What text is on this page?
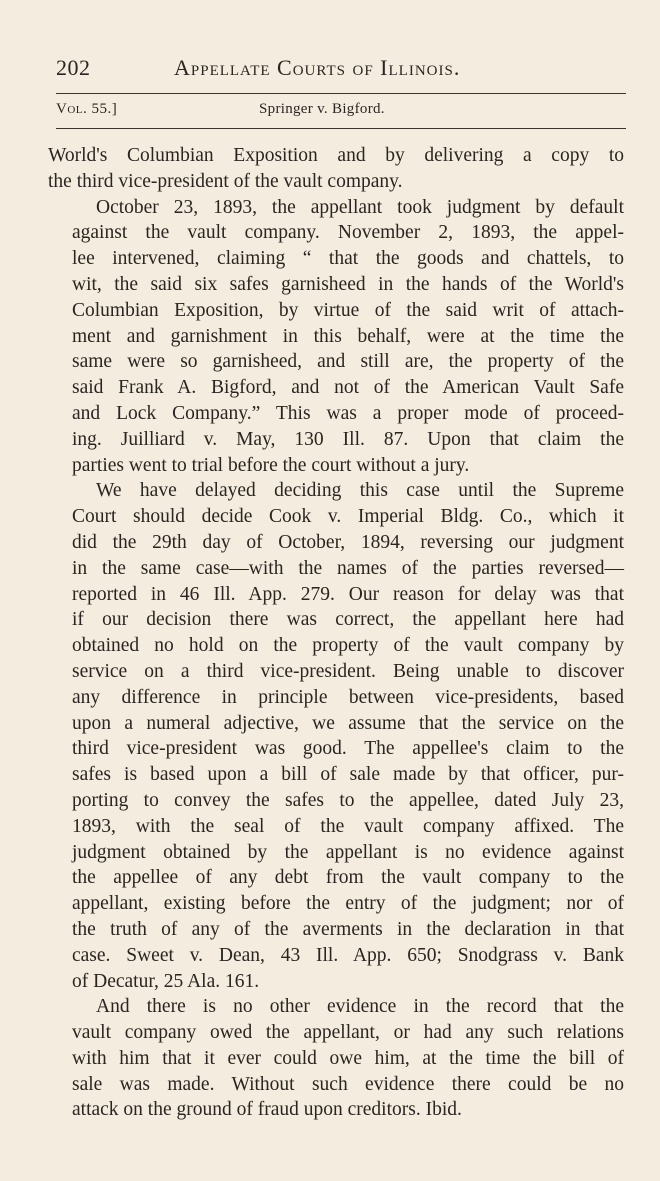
202	Appellate Courts of Illinois.
Vol. 55.]	Springer v. Bigford.

World's Columbian Exposition and by delivering a copy to
the third vice-president of the vault company.

October 23, 1893, the appellant took judgment by default
against the vault company. November 2, 1893, the appel-
lee intervened, claiming “ that the goods and chattels, to
wit, the said six safes garnisheed in the hands of the World's
Columbian Exposition, by virtue of the said writ of attach-
ment and garnishment in this behalf, were at the time the
same were so garnisheed, and still are, the property of the
said Frank A. Bigford, and not of the American Vault Safe
and Lock Company.” This was a proper mode of proceed-
ing. Juilliard v. May, 130 Ill. 87. Upon that claim the
parties went to trial before the court without a jury.

We have delayed deciding this case until the Supreme
Court should decide Cook v. Imperial Bldg. Co., which it
did the 29th day of October, 1894, reversing our judgment
in the same case—with the names of the parties reversed—
reported in 46 Ill. App. 279. Our reason for delay was that
if our decision there was correct, the appellant here had
obtained no hold on the property of the vault company by
service on a third vice-president. Being unable to discover
any difference in principle between vice-presidents, based
upon a numeral adjective, we assume that the service on the
third vice-president was good. The appellee's claim to the
safes is based upon a bill of sale made by that officer, pur-
porting to convey the safes to the appellee, dated July 23,
1893, with the seal of the vault company affixed. The
judgment obtained by the appellant is no evidence against
the appellee of any debt from the vault company to the
appellant, existing before the entry of the judgment; nor of
the truth of any of the averments in the declaration in that
case. Sweet v. Dean, 43 Ill. App. 650; Snodgrass v. Bank
of Decatur, 25 Ala. 161.

And there is no other evidence in the record that the
vault company owed the appellant, or had any such relations
with him that it ever could owe him, at the time the bill of
sale was made. Without such evidence there could be no
attack on the ground of fraud upon creditors. Ibid.
